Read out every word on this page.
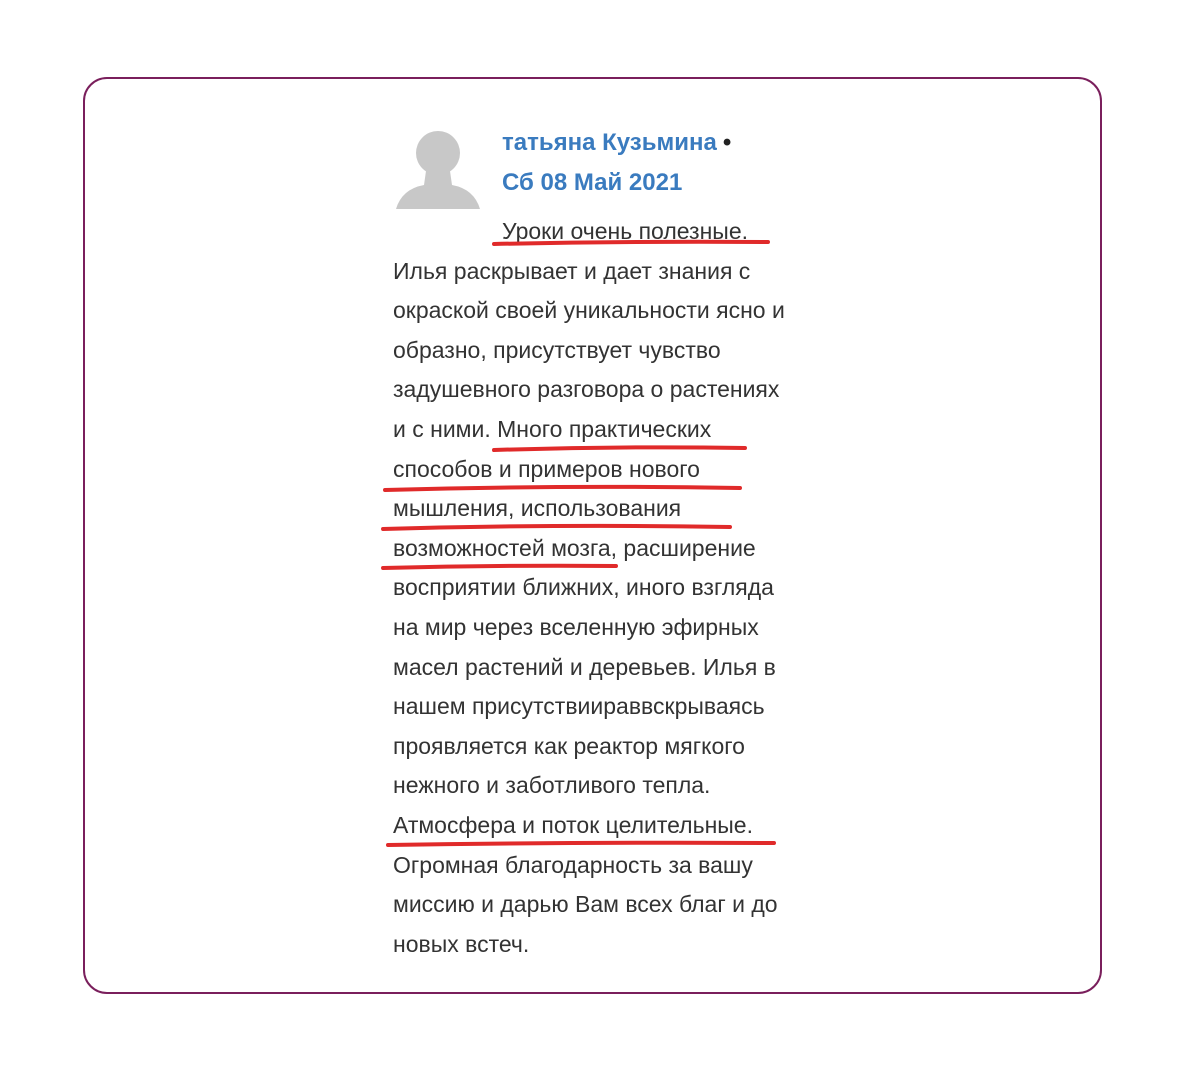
татьяна Кузьмина •
Сб 08 Май 2021
Уроки очень полезные.
Илья раскрывает и дает знания с
окраской своей уникальности ясно и
образно, присутствует чувство
задушевного разговора о растениях
и с ними. Много практических
способов и примеров нового
мышления, использования
возможностей мозга, расширение
восприятии ближних, иного взгляда
на мир через вселенную эфирных
масел растений и деревьев. Илья в
нашем присутствиираввскрываясь
проявляется как реактор мягкого
нежного и заботливого тепла.
Атмосфера и поток целительные.
Огромная благодарность за вашу
миссию и дарью Вам всех благ и до
новых встеч.
